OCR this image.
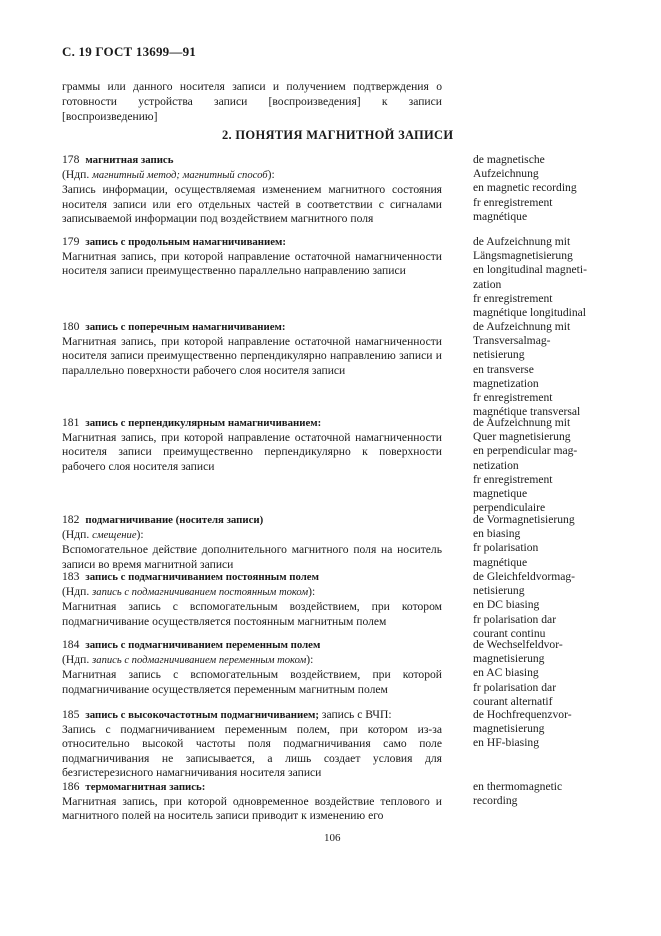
С. 19 ГОСТ 13699—91
граммы или данного носителя записи и получением подтверждения о готовности устройства записи [воспроизведения] к записи [воспроизведению]
2. ПОНЯТИЯ МАГНИТНОЙ ЗАПИСИ
178 магнитная запись
(Ндп. магнитный метод; магнитный способ):
Запись информации, осуществляемая изменением магнитного состояния носителя записи или его отдельных частей в соответствии с сигналами записываемой информации под воздействием магнитного поля
de magnetische
Aufzeichnung
en magnetic recording
fr enregistrement
magnétique
179 запись с продольным намагничиванием:
Магнитная запись, при которой направление остаточной намагниченности носителя записи преимущественно параллельно направлению записи
de Aufzeichnung mit
Längsmagnetisierung
en longitudinal magneti-
zation
fr enregistrement
magnétique longitudinal
180 запись с поперечным намагничиванием:
Магнитная запись, при которой направление остаточной намагниченности носителя записи преимущественно перпендикулярно направлению записи и параллельно поверхности рабочего слоя носителя записи
de Aufzeichnung mit
Transversalmag-
netisierung
en transverse
magnetization
fr enregistrement
magnétique transversal
181 запись с перпендикулярным намагничиванием:
Магнитная запись, при которой направление остаточной намагниченности носителя записи преимущественно перпендикулярно к поверхности рабочего слоя носителя записи
de Aufzeichnung mit
Quer magnetisierung
en perpendicular mag-
netization
fr enregistrement
magnetique
perpendiculaire
182 подмагничивание (носителя записи)
(Ндп. смещение):
Вспомогательное действие дополнительного магнитного поля на носитель записи во время магнитной записи
de Vormagnetisierung
en biasing
fr polarisation
magnétique
183 запись с подмагничиванием постоянным полем
(Ндп. запись с подмагничиванием постоянным током):
Магнитная запись с вспомогательным воздействием, при котором подмагничивание осуществляется постоянным магнитным полем
de Gleichfeldvormag-
netisierung
en DC biasing
fr polarisation dar
courant continu
184 запись с подмагничиванием переменным полем
(Ндп. запись с подмагничиванием переменным током):
Магнитная запись с вспомогательным воздействием, при которой подмагничивание осуществляется переменным магнитным полем
de Wechselfeldvor-
magnetisierung
en AC biasing
fr polarisation dar
courant alternatif
185 запись с высокочастотным подмагничиванием; запись с ВЧП:
Запись с подмагничиванием переменным полем, при котором из-за относительно высокой частоты поля подмагничивания само поле подмагничивания не записывается, а лишь создает условия для безгистерезисного намагничивания носителя записи
de Hochfrequenzvor-
magnetisierung
en HF-biasing
186 термомагнитная запись:
Магнитная запись, при которой одновременное воздействие теплового и магнитного полей на носитель записи приводит к изменению его
en thermomagnetic
recording
106
